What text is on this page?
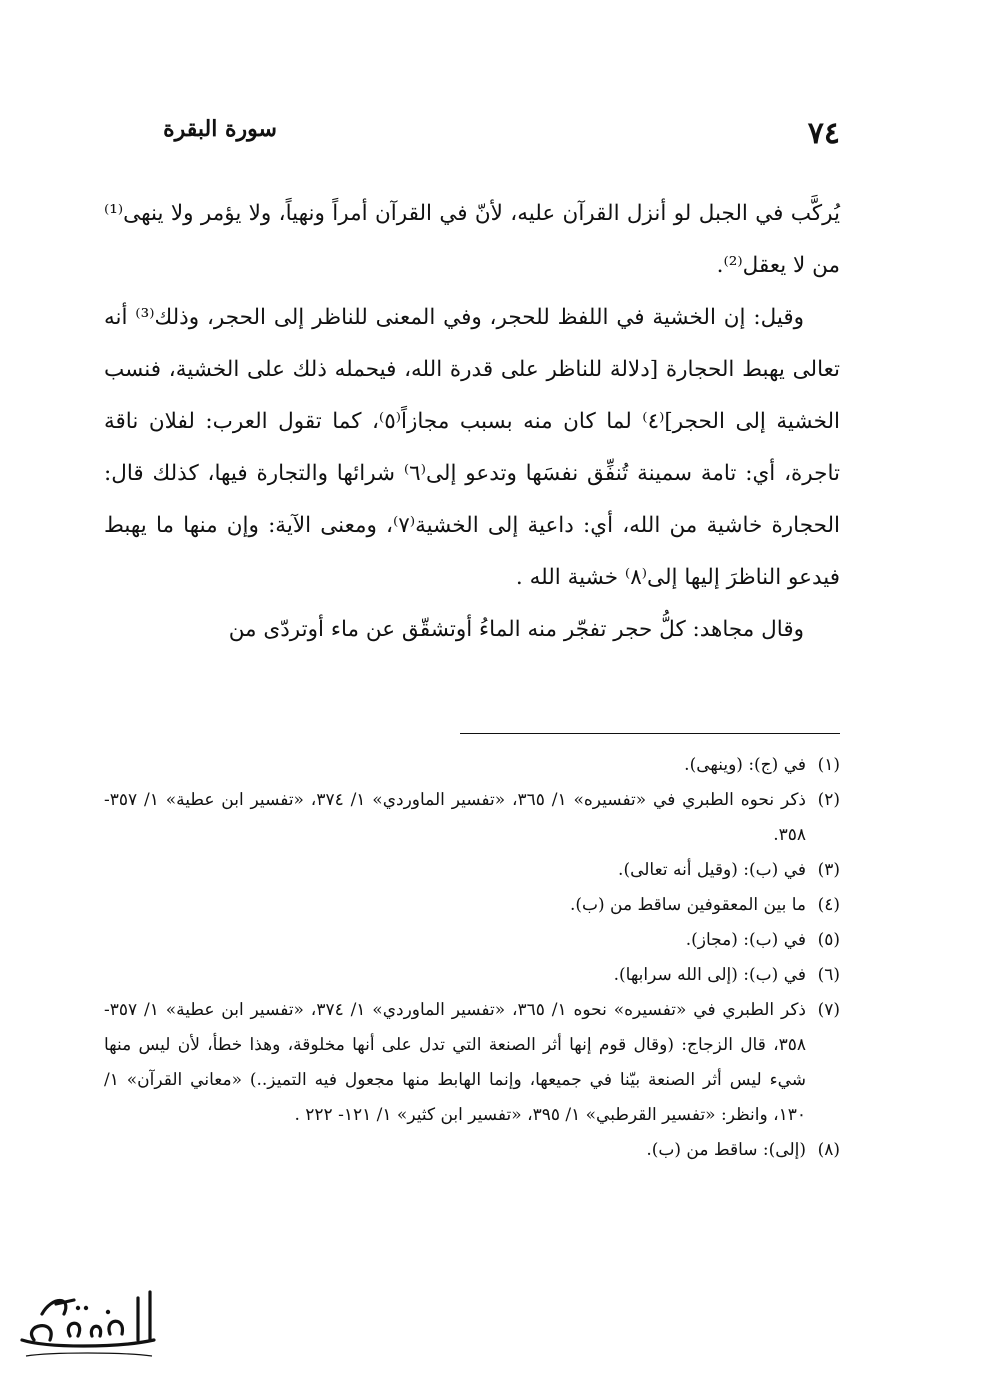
٧٤
سورة البقرة

يُركَّب في الجبل لو أنزل القرآن عليه، لأنّ في القرآن أمراً ونهياً، ولا يؤمر ولا ينهى⁽¹⁾ من لا يعقل⁽²⁾.

وقيل: إن الخشية في اللفظ للحجر، وفي المعنى للناظر إلى الحجر، وذلك⁽³⁾ أنه تعالى يهبط الحجارة [دلالة للناظر على قدرة الله، فيحمله ذلك على الخشية، فنسب الخشية إلى الحجر]⁽٤⁾ لما كان منه بسبب مجازاً⁽٥⁾، كما تقول العرب: لفلان ناقة تاجرة، أي: تامة سمينة تُنفِّق نفسَها وتدعو إلى⁽٦⁾ شرائها والتجارة فيها، كذلك قال: الحجارة خاشية من الله، أي: داعية إلى الخشية⁽٧⁾، ومعنى الآية: وإن منها ما يهبط فيدعو الناظرَ إليها إلى⁽٨⁾ خشية الله .

وقال مجاهد: كلُّ حجر تفجّر منه الماءُ أوتشقّق عن ماء أوتردّى من

(١)
في (ج): (وينهى).
(٢)
ذكر نحوه الطبري في «تفسيره» ١/ ٣٦٥، «تفسير الماوردي» ١/ ٣٧٤، «تفسير ابن عطية» ١/ ٣٥٧- ٣٥٨.
(٣)
في (ب): (وقيل أنه تعالى).
(٤)
ما بين المعقوفين ساقط من (ب).
(٥)
في (ب): (مجاز).
(٦)
في (ب): (إلى الله سرابها).
(٧)
ذكر الطبري في «تفسيره» نحوه ١/ ٣٦٥، «تفسير الماوردي» ١/ ٣٧٤، «تفسير ابن عطية» ١/ ٣٥٧- ٣٥٨، قال الزجاج: (وقال قوم إنها أثر الصنعة التي تدل على أنها مخلوقة، وهذا خطأ، لأن ليس منها شيء ليس أثر الصنعة بيّنا في جميعها، وإنما الهابط منها مجعول فيه التميز..) «معاني القرآن» ١/ ١٣٠، وانظر: «تفسير القرطبي» ١/ ٣٩٥، «تفسير ابن كثير» ١/ ١٢١- ٢٢٢ .
(٨)
(إلى): ساقط من (ب).
